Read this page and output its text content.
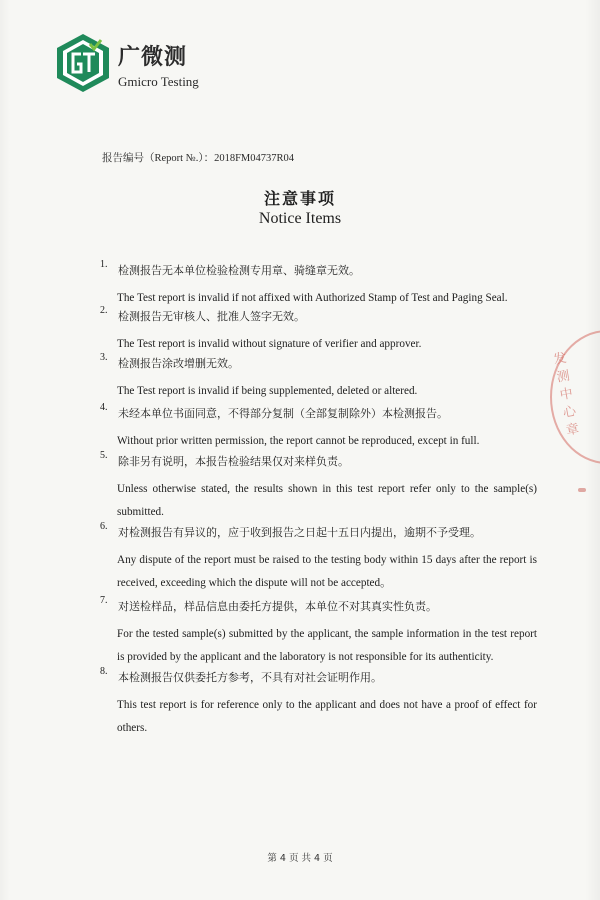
广微测
Gmicro Testing
报告编号（Report №.）：2018FM04737R04
注意事项
Notice Items
1. 检测报告无本单位检验检测专用章、骑缝章无效。
The Test report is invalid if not affixed with Authorized Stamp of Test and Paging Seal.
2. 检测报告无审核人、批准人签字无效。
The Test report is invalid without signature of verifier and approver.
3. 检测报告涂改增删无效。
The Test report is invalid if being supplemented, deleted or altered.
4. 未经本单位书面同意，不得部分复制（全部复制除外）本检测报告。
Without prior written permission, the report cannot be reproduced, except in full.
5. 除非另有说明，本报告检验结果仅对来样负责。
Unless otherwise stated, the results shown in this test report refer only to the sample(s) submitted.
6. 对检测报告有异议的，应于收到报告之日起十五日内提出，逾期不予受理。
Any dispute of the report must be raised to the testing body within 15 days after the report is received, exceeding which the dispute will not be accepted。
7. 对送检样品，样品信息由委托方提供，本单位不对其真实性负责。
For the tested sample(s) submitted by the applicant, the sample information in the test report is provided by the applicant and the laboratory is not responsible for its authenticity.
8. 本检测报告仅供委托方参考，不具有对社会证明作用。
This test report is for reference only to the applicant and does not have a proof of effect for others.
发测中心章
第 4 页 共 4 页
